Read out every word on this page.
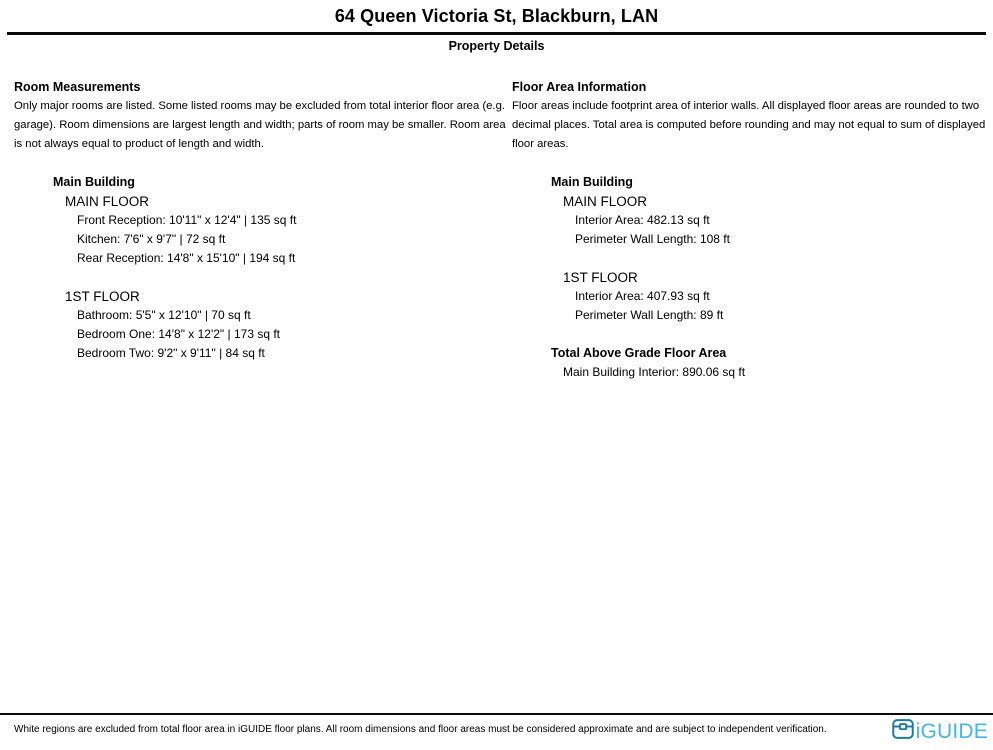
64 Queen Victoria St, Blackburn, LAN
Property Details
Room Measurements

Only major rooms are listed. Some listed rooms may be excluded from total interior floor area (e.g. garage). Room dimensions are largest length and width; parts of room may be smaller. Room area is not always equal to product of length and width.

Main Building
MAIN FLOOR
Front Reception: 10'11" x 12'4" | 135 sq ft
Kitchen: 7'6" x 9'7" | 72 sq ft
Rear Reception: 14'8" x 15'10" | 194 sq ft
1ST FLOOR
Bathroom: 5'5" x 12'10" | 70 sq ft
Bedroom One: 14'8" x 12'2" | 173 sq ft
Bedroom Two: 9'2" x 9'11" | 84 sq ft
Floor Area Information

Floor areas include footprint area of interior walls. All displayed floor areas are rounded to two decimal places. Total area is computed before rounding and may not equal to sum of displayed floor areas.

Main Building
MAIN FLOOR
Interior Area: 482.13 sq ft
Perimeter Wall Length: 108 ft
1ST FLOOR
Interior Area: 407.93 sq ft
Perimeter Wall Length: 89 ft
Total Above Grade Floor Area
Main Building Interior: 890.06 sq ft
White regions are excluded from total floor area in iGUIDE floor plans. All room dimensions and floor areas must be considered approximate and are subject to independent verification.	iGUIDE
